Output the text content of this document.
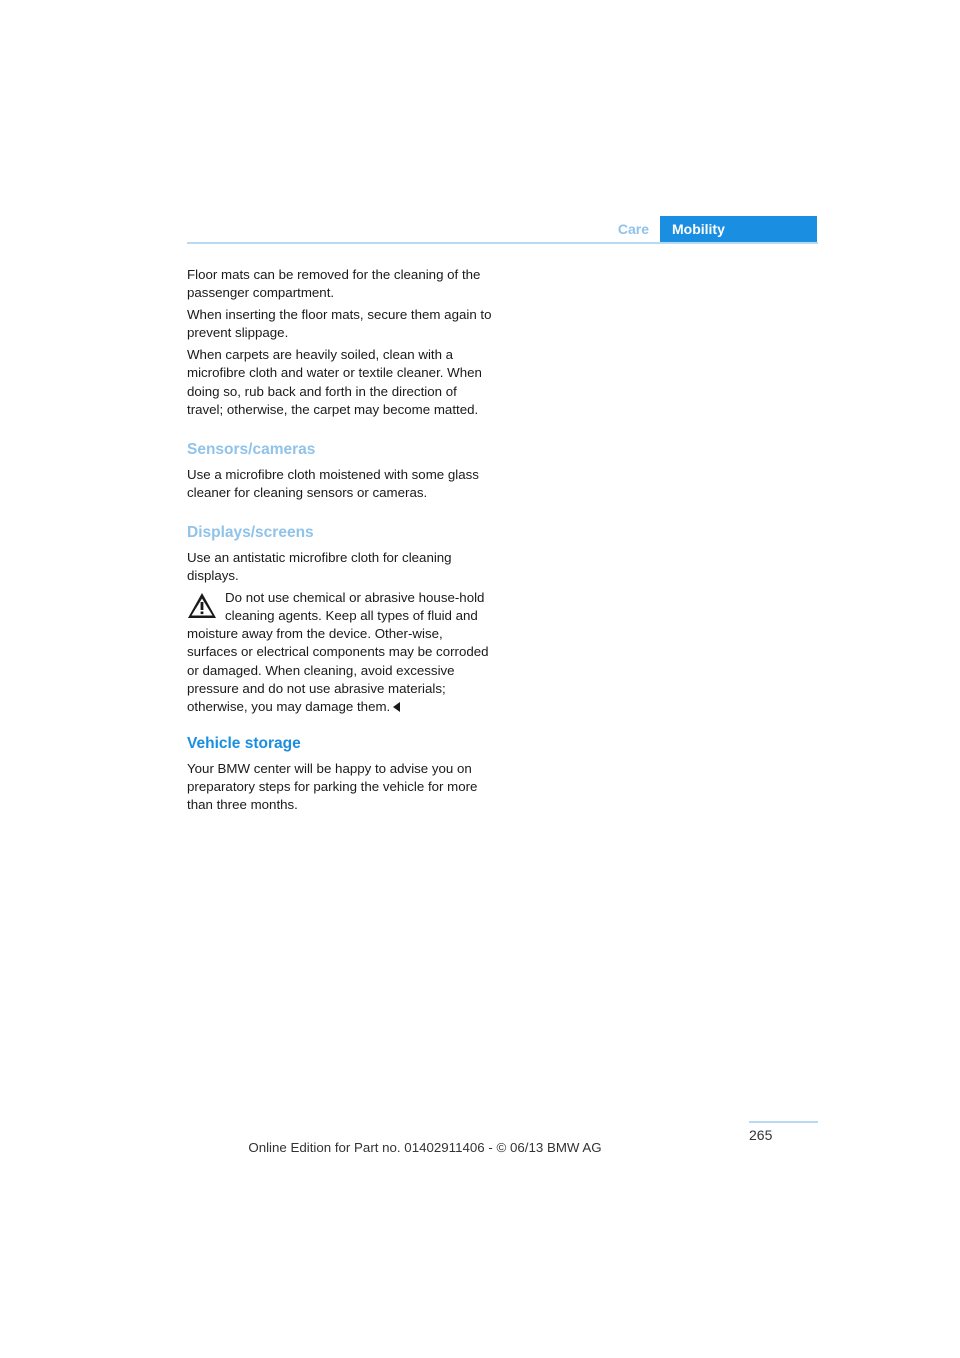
Care	Mobility

Floor mats can be removed for the cleaning of the passenger compartment.

When inserting the floor mats, secure them again to prevent slippage.

When carpets are heavily soiled, clean with a microfibre cloth and water or textile cleaner. When doing so, rub back and forth in the direction of travel; otherwise, the carpet may become matted.

Sensors/cameras

Use a microfibre cloth moistened with some glass cleaner for cleaning sensors or cameras.

Displays/screens

Use an antistatic microfibre cloth for cleaning displays.

Do not use chemical or abrasive house-hold cleaning agents. Keep all types of fluid and moisture away from the device. Other-wise, surfaces or electrical components may be corroded or damaged. When cleaning, avoid excessive pressure and do not use abrasive materials; otherwise, you may damage them.
Vehicle storage

Your BMW center will be happy to advise you on preparatory steps for parking the vehicle for more than three months.

265
Online Edition for Part no. 01402911406 - © 06/13 BMW AG
